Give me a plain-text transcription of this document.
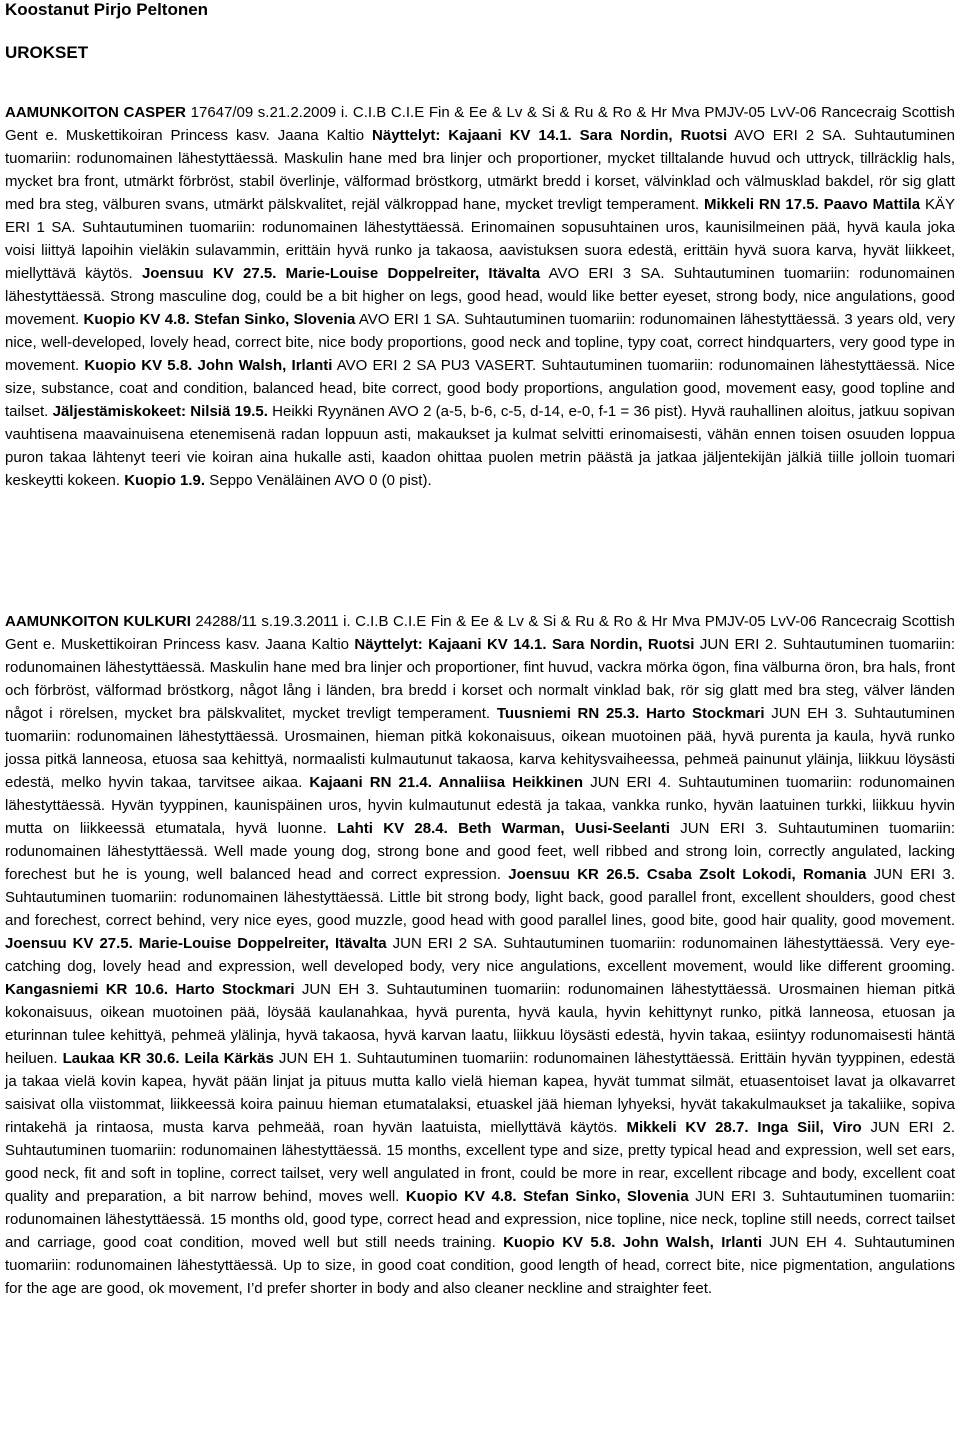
Koostanut Pirjo Peltonen
UROKSET

AAMUNKOITON CASPER 17647/09 s.21.2.2009 i. C.I.B C.I.E Fin & Ee & Lv & Si & Ru & Ro & Hr Mva PMJV-05 LvV-06 Rancecraig Scottish Gent e. Muskettikoiran Princess kasv. Jaana Kaltio Näyttelyt: Kajaani KV 14.1. Sara Nordin, Ruotsi AVO ERI 2 SA. Suhtautuminen tuomariin: rodunomainen lähestyttäessä. Maskulin hane med bra linjer och proportioner, mycket tilltalande huvud och uttryck, tillräcklig hals, mycket bra front, utmärkt förbröst, stabil överlinje, välformad bröstkorg, utmärkt bredd i korset, välvinklad och välmusklad bakdel, rör sig glatt med bra steg, välburen svans, utmärkt pälskvalitet, rejäl välkroppad hane, mycket trevligt temperament. Mikkeli RN 17.5. Paavo Mattila KÄY ERI 1 SA. Suhtautuminen tuomariin: rodunomainen lähestyttäessä. Erinomainen sopusuhtainen uros, kaunisilmeinen pää, hyvä kaula joka voisi liittyä lapoihin vieläkin sulavammin, erittäin hyvä runko ja takaosa, aavistuksen suora edestä, erittäin hyvä suora karva, hyvät liikkeet, miellyttävä käytös. Joensuu KV 27.5. Marie-Louise Doppelreiter, Itävalta AVO ERI 3 SA. Suhtautuminen tuomariin: rodunomainen lähestyttäessä. Strong masculine dog, could be a bit higher on legs, good head, would like better eyeset, strong body, nice angulations, good movement. Kuopio KV 4.8. Stefan Sinko, Slovenia AVO ERI 1 SA. Suhtautuminen tuomariin: rodunomainen lähestyttäessä. 3 years old, very nice, well-developed, lovely head, correct bite, nice body proportions, good neck and topline, typy coat, correct hindquarters, very good type in movement. Kuopio KV 5.8. John Walsh, Irlanti AVO ERI 2 SA PU3 VASERT. Suhtautuminen tuomariin: rodunomainen lähestyttäessä. Nice size, substance, coat and condition, balanced head, bite correct, good body proportions, angulation good, movement easy, good topline and tailset. Jäljestämiskokeet: Nilsiä 19.5. Heikki Ryynänen AVO 2 (a-5, b-6, c-5, d-14, e-0, f-1 = 36 pist). Hyvä rauhallinen aloitus, jatkuu sopivan vauhtisena maavainuisena etenemisenä radan loppuun asti, makaukset ja kulmat selvitti erinomaisesti, vähän ennen toisen osuuden loppua puron takaa lähtenyt teeri vie koiran aina hukalle asti, kaadon ohittaa puolen metrin päästä ja jatkaa jäljentekijän jälkiä tiille jolloin tuomari keskeytti kokeen. Kuopio 1.9. Seppo Venäläinen AVO 0 (0 pist).

AAMUNKOITON KULKURI 24288/11 s.19.3.2011 i. C.I.B C.I.E Fin & Ee & Lv & Si & Ru & Ro & Hr Mva PMJV-05 LvV-06 Rancecraig Scottish Gent e. Muskettikoiran Princess kasv. Jaana Kaltio Näyttelyt: Kajaani KV 14.1. Sara Nordin, Ruotsi JUN ERI 2. Suhtautuminen tuomariin: rodunomainen lähestyttäessä. Maskulin hane med bra linjer och proportioner, fint huvud, vackra mörka ögon, fina välburna öron, bra hals, front och förbröst, välformad bröstkorg, något lång i länden, bra bredd i korset och normalt vinklad bak, rör sig glatt med bra steg, välver länden något i rörelsen, mycket bra pälskvalitet, mycket trevligt temperament. Tuusniemi RN 25.3. Harto Stockmari JUN EH 3. Suhtautuminen tuomariin: rodunomainen lähestyttäessä. Urosmainen, hieman pitkä kokonaisuus, oikean muotoinen pää, hyvä purenta ja kaula, hyvä runko jossa pitkä lanneosa, etuosa saa kehittyä, normaalisti kulmautunut takaosa, karva kehitysvaiheessa, pehmeä painunut yläinja, liikkuu löysästi edestä, melko hyvin takaa, tarvitsee aikaa. Kajaani RN 21.4. Annaliisa Heikkinen JUN ERI 4. Suhtautuminen tuomariin: rodunomainen lähestyttäessä. Hyvän tyyppinen, kaunispäinen uros, hyvin kulmautunut edestä ja takaa, vankka runko, hyvän laatuinen turkki, liikkuu hyvin mutta on liikkeessä etumatala, hyvä luonne. Lahti KV 28.4. Beth Warman, Uusi-Seelanti JUN ERI 3. Suhtautuminen tuomariin: rodunomainen lähestyttäessä. Well made young dog, strong bone and good feet, well ribbed and strong loin, correctly angulated, lacking forechest but he is young, well balanced head and correct expression. Joensuu KR 26.5. Csaba Zsolt Lokodi, Romania JUN ERI 3. Suhtautuminen tuomariin: rodunomainen lähestyttäessä. Little bit strong body, light back, good parallel front, excellent shoulders, good chest and forechest, correct behind, very nice eyes, good muzzle, good head with good parallel lines, good bite, good hair quality, good movement. Joensuu KV 27.5. Marie-Louise Doppelreiter, Itävalta JUN ERI 2 SA. Suhtautuminen tuomariin: rodunomainen lähestyttäessä. Very eye-catching dog, lovely head and expression, well developed body, very nice angulations, excellent movement, would like different grooming. Kangasniemi KR 10.6. Harto Stockmari JUN EH 3. Suhtautuminen tuomariin: rodunomainen lähestyttäessä. Urosmainen hieman pitkä kokonaisuus, oikean muotoinen pää, löysää kaulanahkaa, hyvä purenta, hyvä kaula, hyvin kehittynyt runko, pitkä lanneosa, etuosan ja eturinnan tulee kehittyä, pehmeä ylälinja, hyvä takaosa, hyvä karvan laatu, liikkuu löysästi edestä, hyvin takaa, esiintyy rodunomaisesti häntä heiluen. Laukaa KR 30.6. Leila Kärkäs JUN EH 1. Suhtautuminen tuomariin: rodunomainen lähestyttäessä. Erittäin hyvän tyyppinen, edestä ja takaa vielä kovin kapea, hyvät pään linjat ja pituus mutta kallo vielä hieman kapea, hyvät tummat silmät, etuasentoiset lavat ja olkavarret saisivat olla viistommat, liikkeessä koira painuu hieman etumatalaksi, etuaskel jää hieman lyhyeksi, hyvät takakulmaukset ja takaliike, sopiva rintakehä ja rintaosa, musta karva pehmeää, roan hyvän laatuista, miellyttävä käytös. Mikkeli KV 28.7. Inga Siil, Viro JUN ERI 2. Suhtautuminen tuomariin: rodunomainen lähestyttäessä. 15 months, excellent type and size, pretty typical head and expression, well set ears, good neck, fit and soft in topline, correct tailset, very well angulated in front, could be more in rear, excellent ribcage and body, excellent coat quality and preparation, a bit narrow behind, moves well. Kuopio KV 4.8. Stefan Sinko, Slovenia JUN ERI 3. Suhtautuminen tuomariin: rodunomainen lähestyttäessä. 15 months old, good type, correct head and expression, nice topline, nice neck, topline still needs, correct tailset and carriage, good coat condition, moved well but still needs training. Kuopio KV 5.8. John Walsh, Irlanti JUN EH 4. Suhtautuminen tuomariin: rodunomainen lähestyttäessä. Up to size, in good coat condition, good length of head, correct bite, nice pigmentation, angulations for the age are good, ok movement, I’d prefer shorter in body and also cleaner neckline and straighter feet.
